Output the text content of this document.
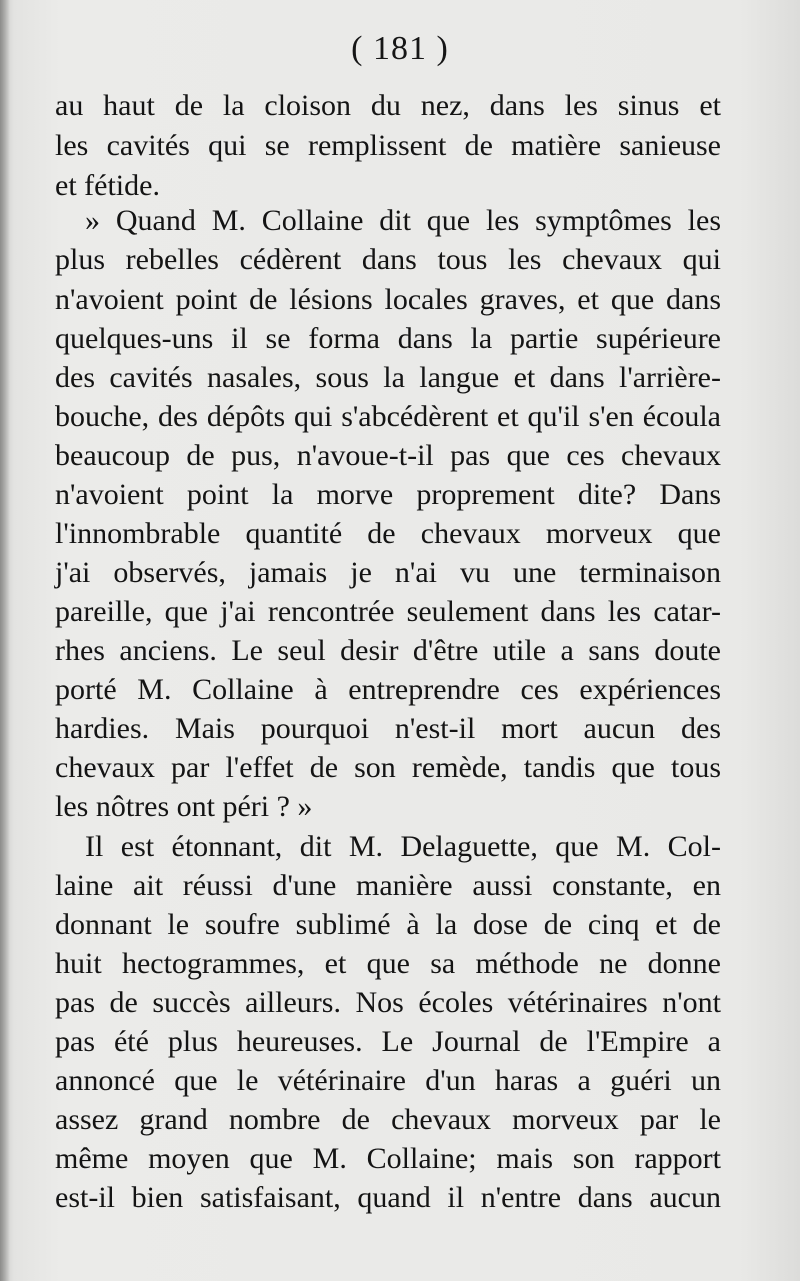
( 181 )
au haut de la cloison du nez, dans les sinus et
les cavités qui se remplissent de matière sanieuse
et fétide.
» Quand M. Collaine dit que les symptômes les
plus rebelles cédèrent dans tous les chevaux qui
n'avoient point de lésions locales graves, et que dans
quelques-uns il se forma dans la partie supérieure
des cavités nasales, sous la langue et dans l'arrière-
bouche, des dépôts qui s'abcédèrent et qu'il s'en écoula
beaucoup de pus, n'avoue-t-il pas que ces chevaux
n'avoient point la morve proprement dite? Dans
l'innombrable quantité de chevaux morveux que
j'ai observés, jamais je n'ai vu une terminaison
pareille, que j'ai rencontrée seulement dans les catar-
rhes anciens. Le seul desir d'être utile a sans doute
porté M. Collaine à entreprendre ces expériences
hardies. Mais pourquoi n'est-il mort aucun des
chevaux par l'effet de son remède, tandis que tous
les nôtres ont péri ? »
Il est étonnant, dit M. Delaguette, que M. Col-
laine ait réussi d'une manière aussi constante, en
donnant le soufre sublimé à la dose de cinq et de
huit hectogrammes, et que sa méthode ne donne
pas de succès ailleurs. Nos écoles vétérinaires n'ont
pas été plus heureuses. Le Journal de l'Empire a
annoncé que le vétérinaire d'un haras a guéri un
assez grand nombre de chevaux morveux par le
même moyen que M. Collaine; mais son rapport
est-il bien satisfaisant, quand il n'entre dans aucun
